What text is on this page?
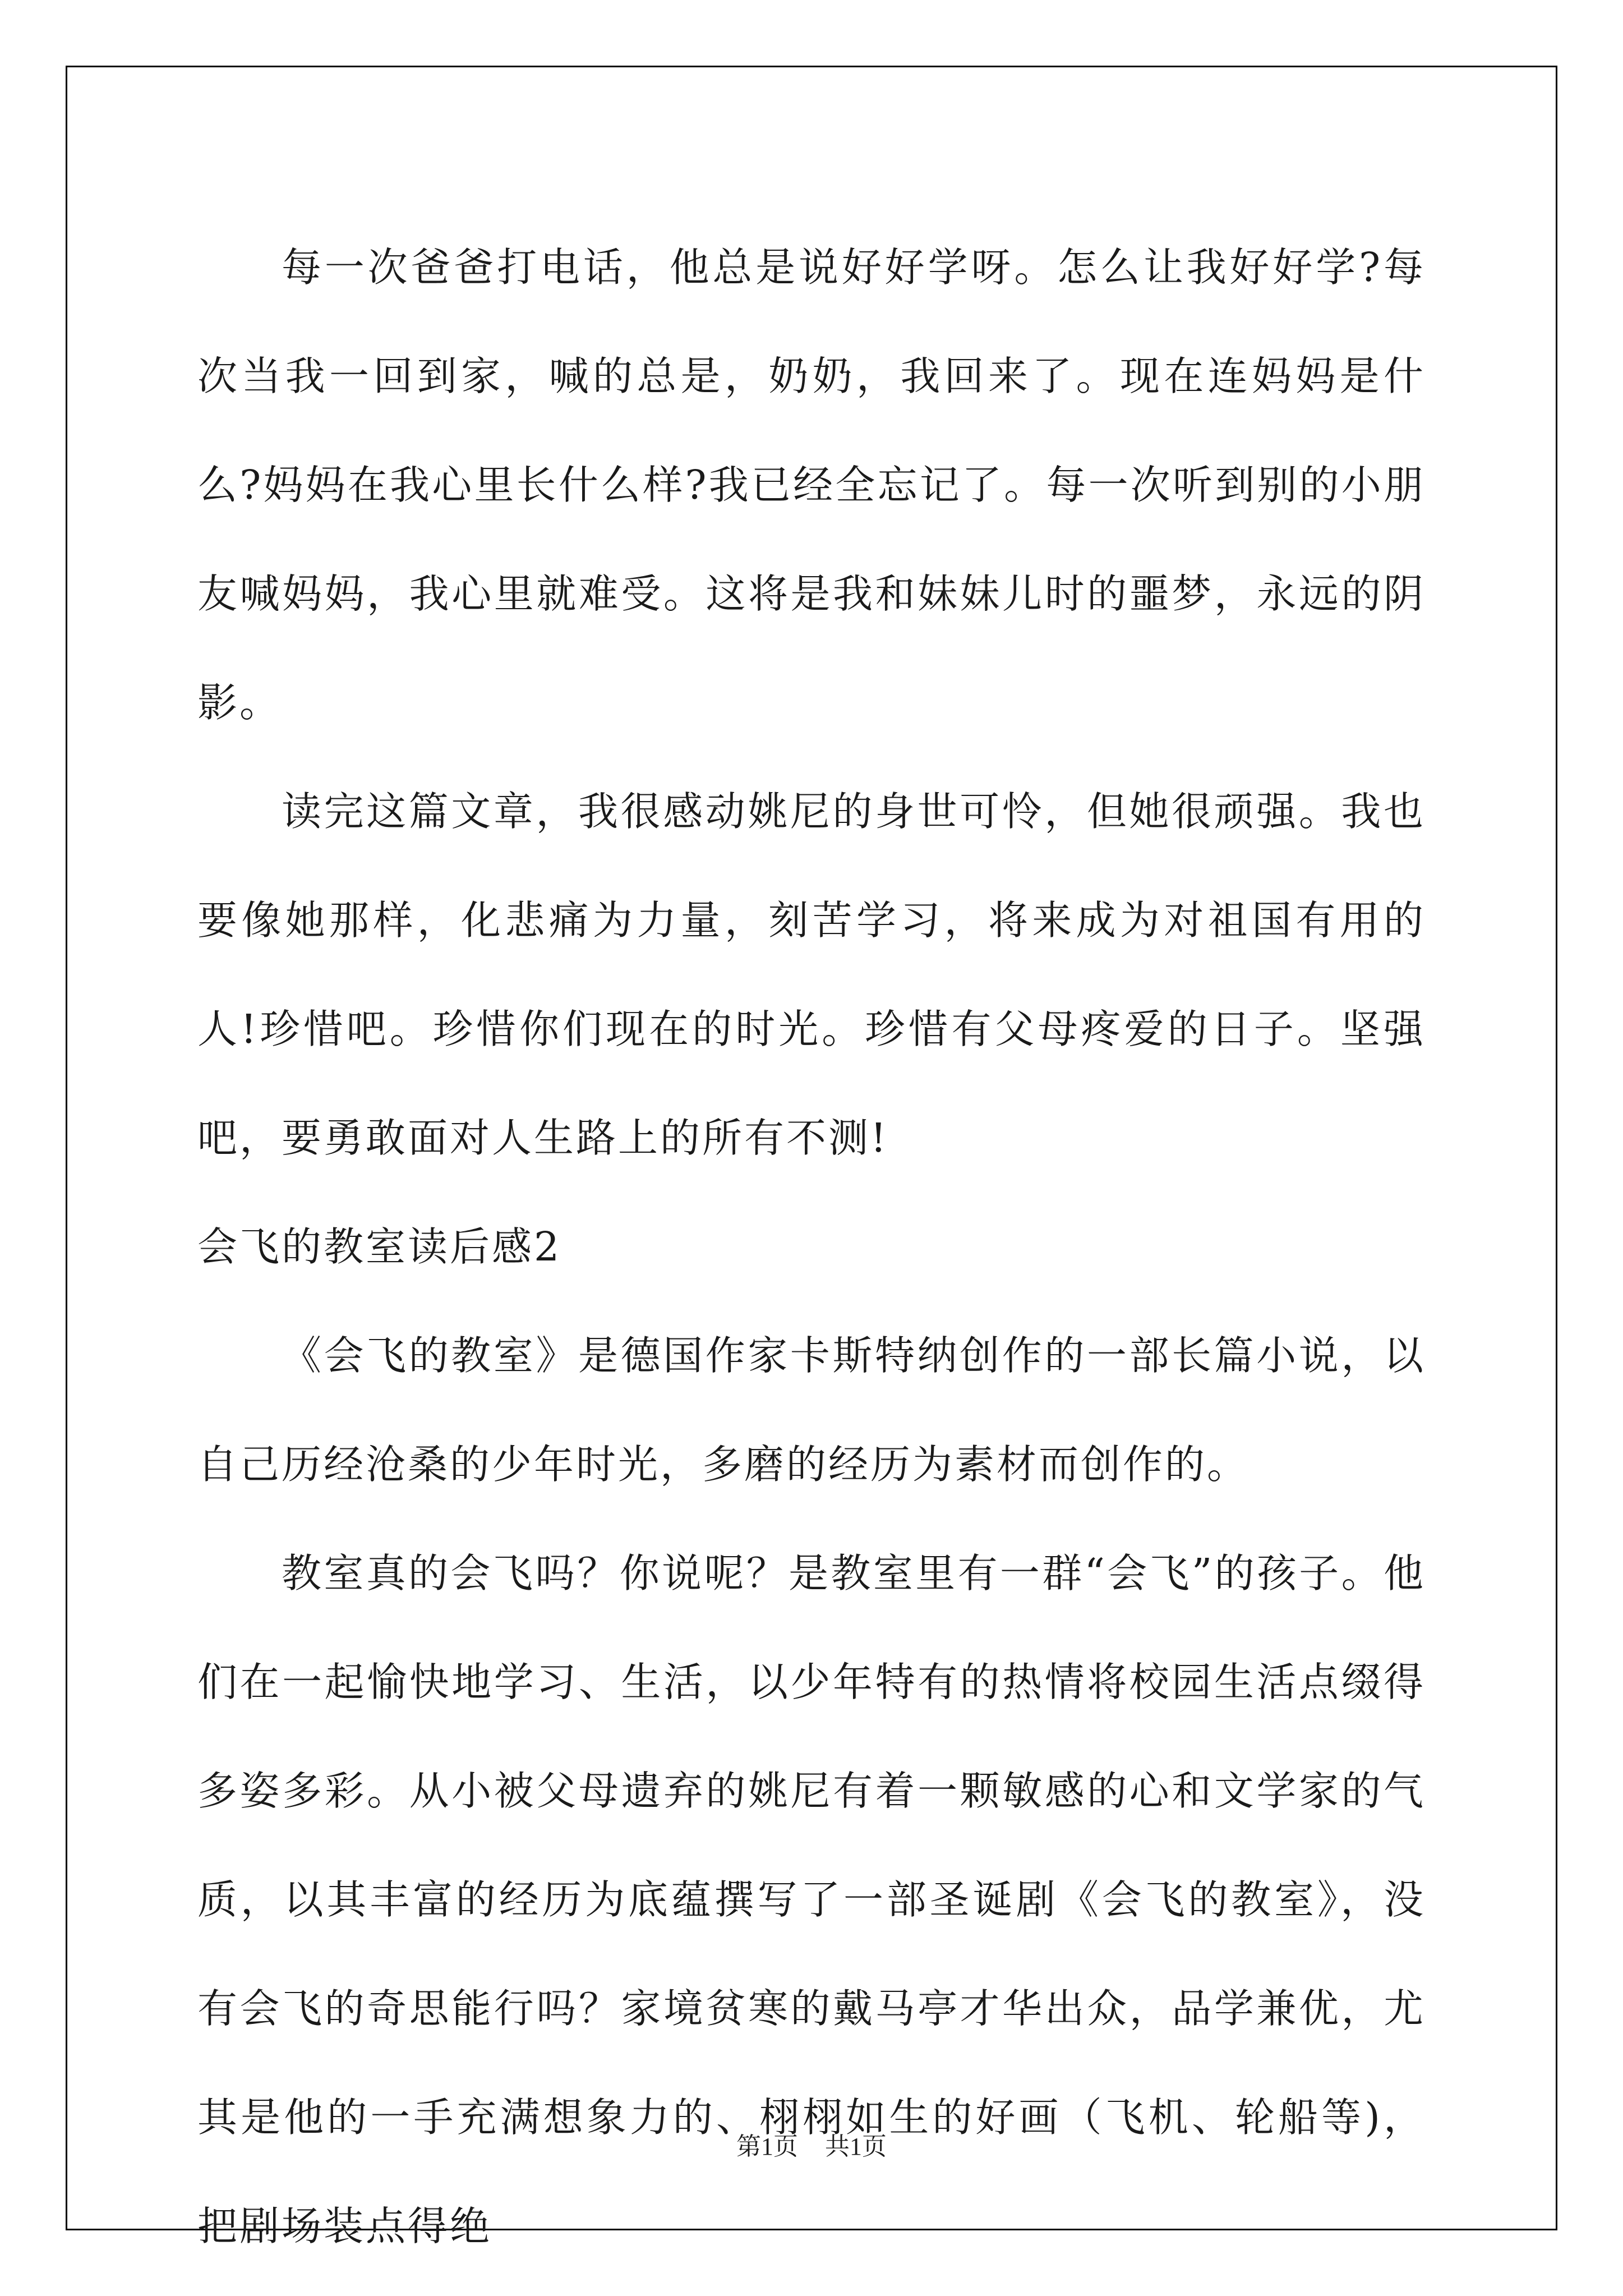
每一次爸爸打电话，他总是说好好学呀。怎么让我好好学?每次当我一回到家，喊的总是，奶奶，我回来了。现在连妈妈是什么?妈妈在我心里长什么样?我已经全忘记了。每一次听到别的小朋友喊妈妈，我心里就难受。这将是我和妹妹儿时的噩梦，永远的阴影。

读完这篇文章，我很感动姚尼的身世可怜，但她很顽强。我也要像她那样，化悲痛为力量，刻苦学习，将来成为对祖国有用的人!珍惜吧。珍惜你们现在的时光。珍惜有父母疼爱的日子。坚强吧，要勇敢面对人生路上的所有不测!

会飞的教室读后感2

《会飞的教室》是德国作家卡斯特纳创作的一部长篇小说，以自己历经沧桑的少年时光，多磨的经历为素材而创作的。

教室真的会飞吗？你说呢？是教室里有一群“会飞”的孩子。他们在一起愉快地学习、生活，以少年特有的热情将校园生活点缀得多姿多彩。从小被父母遗弃的姚尼有着一颗敏感的心和文学家的气质，以其丰富的经历为底蕴撰写了一部圣诞剧《会飞的教室》，没有会飞的奇思能行吗？家境贫寒的戴马亭才华出众，品学兼优，尤其是他的一手充满想象力的、栩栩如生的好画（飞机、轮船等)，把剧场装点得绝

第1页 共1页
